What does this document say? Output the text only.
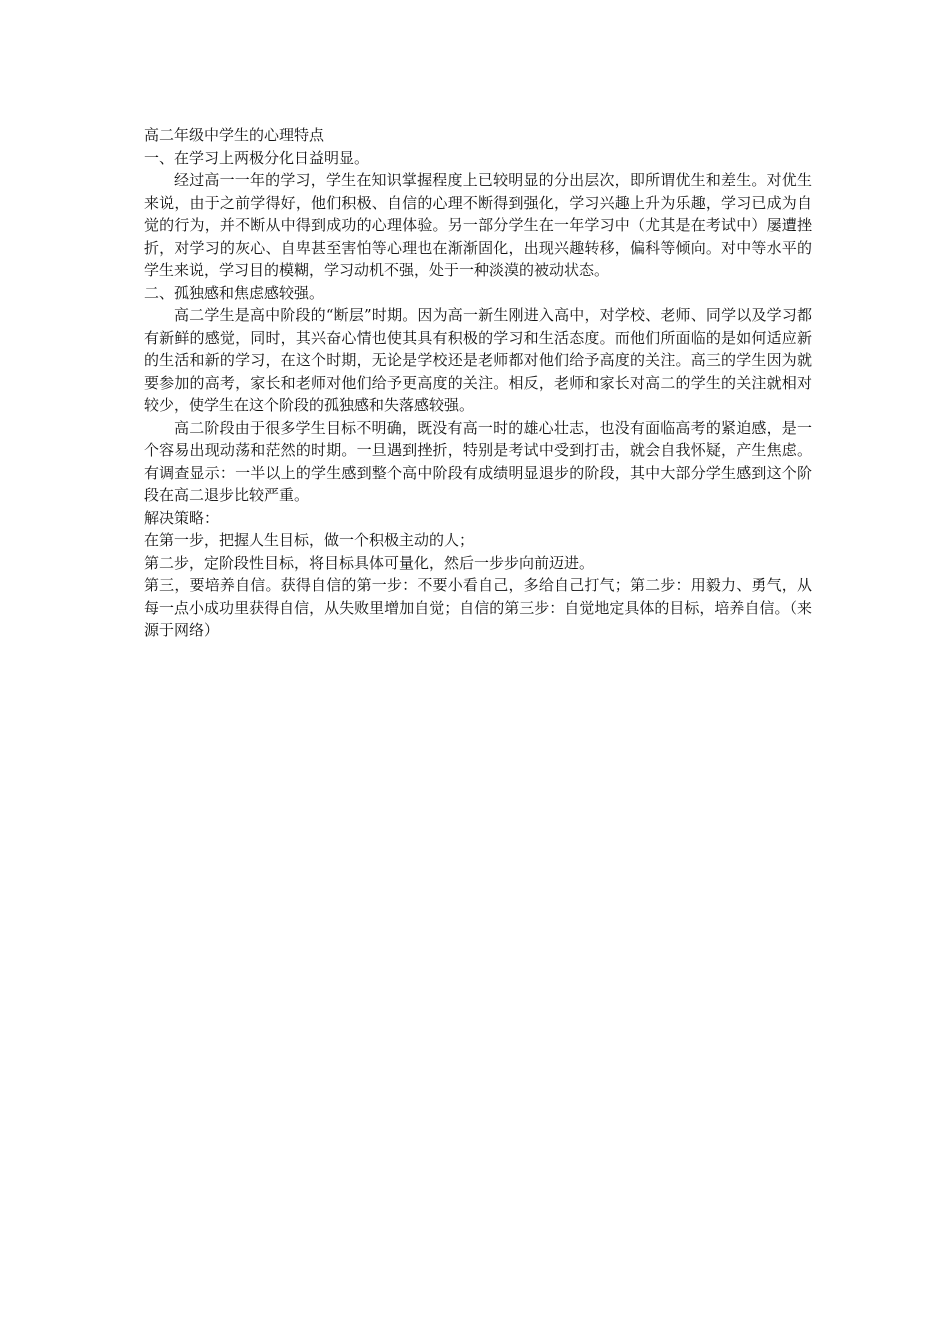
高二年级中学生的心理特点

一、在学习上两极分化日益明显。

经过高一一年的学习，学生在知识掌握程度上已较明显的分出层次，即所谓优生和差生。对优生来说，由于之前学得好，他们积极、自信的心理不断得到强化，学习兴趣上升为乐趣，学习已成为自觉的行为，并不断从中得到成功的心理体验。另一部分学生在一年学习中（尤其是在考试中）屡遭挫折，对学习的灰心、自卑甚至害怕等心理也在渐渐固化，出现兴趣转移，偏科等倾向。对中等水平的学生来说，学习目的模糊，学习动机不强，处于一种淡漠的被动状态。

二、孤独感和焦虑感较强。

高二学生是高中阶段的“断层”时期。因为高一新生刚进入高中，对学校、老师、同学以及学习都有新鲜的感觉，同时，其兴奋心情也使其具有积极的学习和生活态度。而他们所面临的是如何适应新的生活和新的学习，在这个时期，无论是学校还是老师都对他们给予高度的关注。高三的学生因为就要参加的高考，家长和老师对他们给予更高度的关注。相反，老师和家长对高二的学生的关注就相对较少，使学生在这个阶段的孤独感和失落感较强。

高二阶段由于很多学生目标不明确，既没有高一时的雄心壮志，也没有面临高考的紧迫感，是一个容易出现动荡和茫然的时期。一旦遇到挫折，特别是考试中受到打击，就会自我怀疑，产生焦虑。有调查显示：一半以上的学生感到整个高中阶段有成绩明显退步的阶段，其中大部分学生感到这个阶段在高二退步比较严重。

解决策略：

在第一步，把握人生目标，做一个积极主动的人；

第二步，定阶段性目标，将目标具体可量化，然后一步步向前迈进。

第三，要培养自信。获得自信的第一步：不要小看自己，多给自己打气；第二步：用毅力、勇气，从每一点小成功里获得自信，从失败里增加自觉；自信的第三步：自觉地定具体的目标，培养自信。（来源于网络）
